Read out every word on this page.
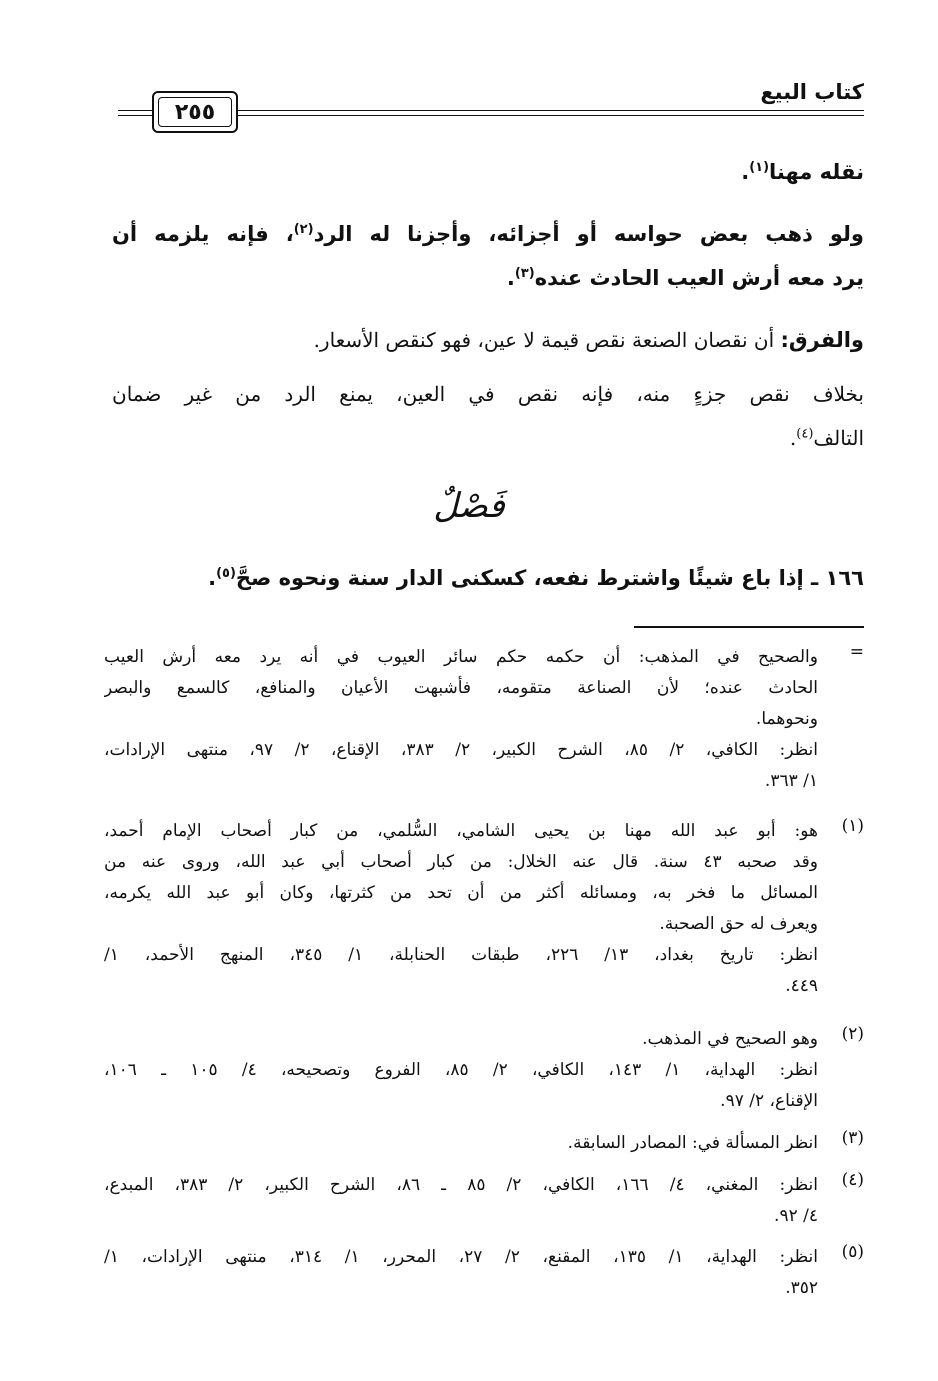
كتاب البيع
٢٥٥

نقله مهنا$^{(١)}$.

ولو ذهب بعض حواسه أو أجزائه، وأجزنا له الرد$^{(٢)}$، فإنه يلزمه أن
يرد معه أرش العيب الحادث عنده$^{(٣)}$.

والفرق: أن نقصان الصنعة نقص قيمة لا عين، فهو كنقص الأسعار.

بخلاف نقص جزءٍ منه، فإنه نقص في العين، يمنع الرد من غير ضمان
التالف$^{(٤)}$.

فَصْلٌ

١٦٦ ـ إذا باع شيئًا واشترط نفعه، كسكنى الدار سنة ونحوه صحَّ$^{(٥)}$.

=
والصحيح في المذهب: أن حكمه حكم سائر العيوب في أنه يرد معه أرش العيب
الحادث عنده؛ لأن الصناعة متقومه، فأشبهت الأعيان والمنافع، كالسمع والبصر
ونحوهما.
انظر: الكافي، ٢/ ٨٥، الشرح الكبير، ٢/ ٣٨٣، الإقناع، ٢/ ٩٧، منتهى الإرادات،
١/ ٣٦٣.
(١)
هو: أبو عبد الله مهنا بن يحيى الشامي، السُّلمي، من كبار أصحاب الإمام أحمد،
وقد صحبه ٤٣ سنة. قال عنه الخلال: من كبار أصحاب أبي عبد الله، وروى عنه من
المسائل ما فخر به، ومسائله أكثر من أن تحد من كثرتها، وكان أبو عبد الله يكرمه،
ويعرف له حق الصحبة.
انظر: تاريخ بغداد، ١٣/ ٢٢٦، طبقات الحنابلة، ١/ ٣٤٥، المنهج الأحمد، ١/
٤٤٩.
(٢)
وهو الصحيح في المذهب.
انظر: الهداية، ١/ ١٤٣، الكافي، ٢/ ٨٥، الفروع وتصحيحه، ٤/ ١٠٥ ـ ١٠٦،
الإقناع، ٢/ ٩٧.
(٣)
انظر المسألة في: المصادر السابقة.
(٤)
انظر: المغني، ٤/ ١٦٦، الكافي، ٢/ ٨٥ ـ ٨٦، الشرح الكبير، ٢/ ٣٨٣، المبدع،
٤/ ٩٢.
(٥)
انظر: الهداية، ١/ ١٣٥، المقنع، ٢/ ٢٧، المحرر، ١/ ٣١٤، منتهى الإرادات، ١/
٣٥٢.
